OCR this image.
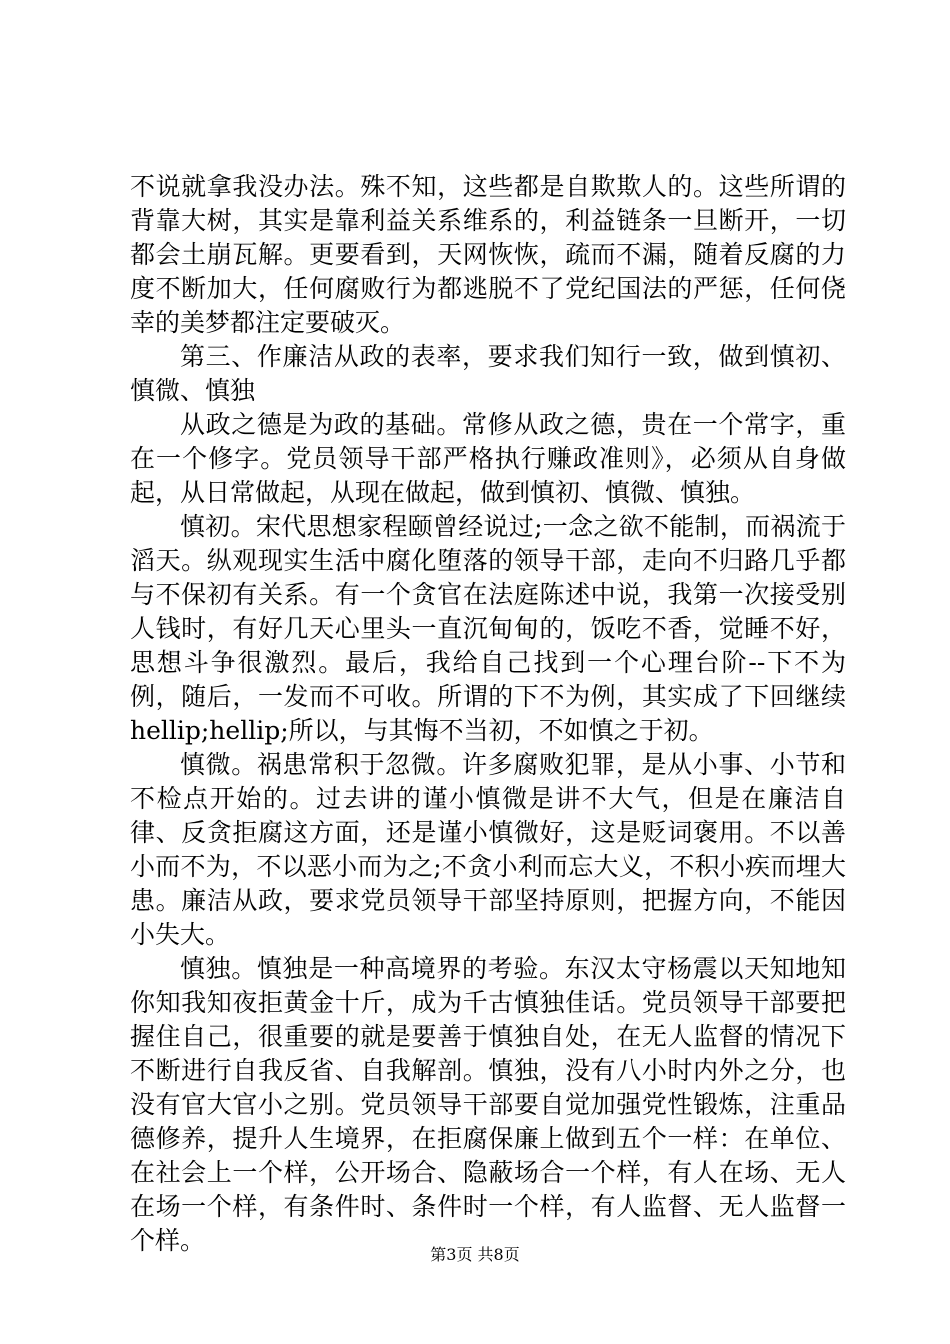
不说就拿我没办法。殊不知，这些都是自欺欺人的。这些所谓的背靠大树，其实是靠利益关系维系的，利益链条一旦断开，一切都会土崩瓦解。更要看到，天网恢恢，疏而不漏，随着反腐的力度不断加大，任何腐败行为都逃脱不了党纪国法的严惩，任何侥幸的美梦都注定要破灭。

第三、作廉洁从政的表率，要求我们知行一致，做到慎初、慎微、慎独

从政之德是为政的基础。常修从政之德，贵在一个常字，重在一个修字。党员领导干部严格执行赚政准则》，必须从自身做起，从日常做起，从现在做起，做到慎初、慎微、慎独。

慎初。宋代思想家程颐曾经说过;一念之欲不能制，而祸流于滔天。纵观现实生活中腐化堕落的领导干部，走向不归路几乎都与不保初有关系。有一个贪官在法庭陈述中说，我第一次接受别人钱时，有好几天心里头一直沉甸甸的，饭吃不香，觉睡不好，思想斗争很激烈。最后，我给自己找到一个心理台阶--下不为例，随后，一发而不可收。所谓的下不为例，其实成了下回继续hellip;hellip;所以，与其悔不当初，不如慎之于初。

慎微。祸患常积于忽微。许多腐败犯罪，是从小事、小节和不检点开始的。过去讲的谨小慎微是讲不大气，但是在廉洁自律、反贪拒腐这方面，还是谨小慎微好，这是贬词褒用。不以善小而不为，不以恶小而为之;不贪小利而忘大义，不积小疾而埋大患。廉洁从政，要求党员领导干部坚持原则，把握方向，不能因小失大。

慎独。慎独是一种高境界的考验。东汉太守杨震以天知地知你知我知夜拒黄金十斤，成为千古慎独佳话。党员领导干部要把握住自己，很重要的就是要善于慎独自处，在无人监督的情况下不断进行自我反省、自我解剖。慎独，没有八小时内外之分，也没有官大官小之别。党员领导干部要自觉加强党性锻炼，注重品德修养，提升人生境界，在拒腐保廉上做到五个一样：在单位、在社会上一个样，公开场合、隐蔽场合一个样，有人在场、无人在场一个样，有条件时、条件时一个样，有人监督、无人监督一个样。	第3页 共8页
